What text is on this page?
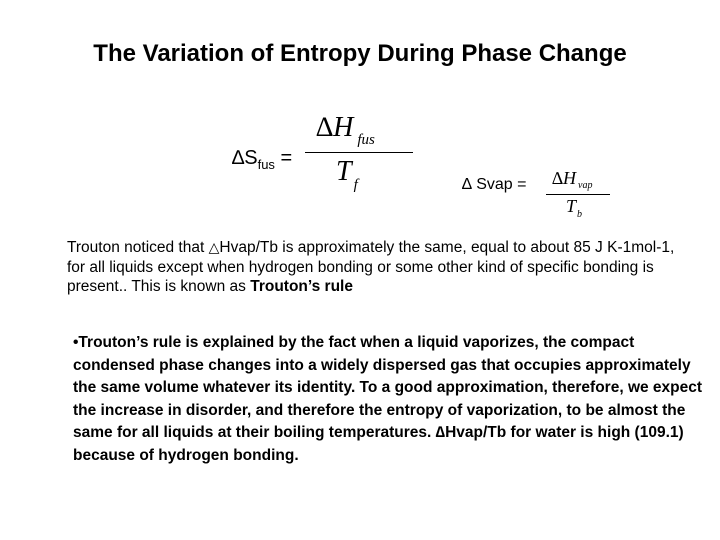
The Variation of Entropy During Phase Change
$\Delta S_{fus}$ =
∆H $_{fus}$
T $_f$	∆ Svap = ∆H $_{vap}$
$T_b$
Trouton noticed that △Hvap/Tb is approximately the same, equal to about 85 J K-1mol-1, for all liquids except when hydrogen bonding or some other kind of specific bonding is present.. This is known as Trouton’s rule
•Trouton’s rule is explained by the fact when a liquid vaporizes, the compact condensed phase changes into a widely dispersed gas that occupies approximately the same volume whatever its identity. To a good approximation, therefore, we expect the increase in disorder, and therefore the entropy of vaporization, to be almost the same for all liquids at their boiling temperatures. ∆Hvap/Tb for water is high (109.1) because of hydrogen bonding.
